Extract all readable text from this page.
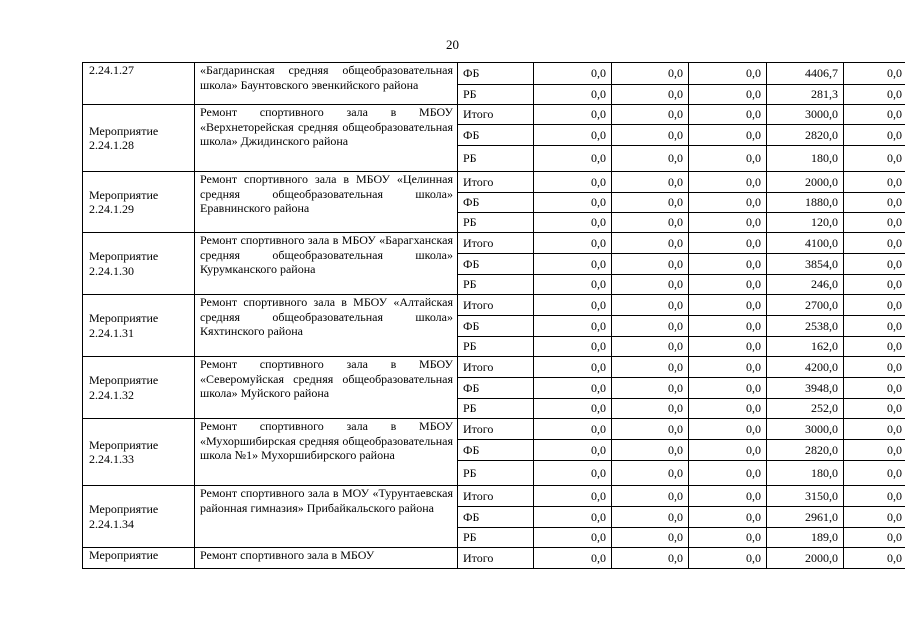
20
2.24.1.27	«Багдаринская средняя общеобразовательная школа» Баунтовского эвенкийского района	ФБ	0,0	0,0	0,0	4406,7	0,0
		РБ	0,0	0,0	0,0	281,3	0,0
Мероприятие 2.24.1.28	Ремонт спортивного зала в МБОУ «Верхнеторейская средняя общеобразовательная школа» Джидинского района	Итого	0,0	0,0	0,0	3000,0	0,0
		ФБ	0,0	0,0	0,0	2820,0	0,0
		РБ	0,0	0,0	0,0	180,0	0,0
Мероприятие 2.24.1.29	Ремонт спортивного зала в МБОУ «Целинная средняя общеобразовательная школа» Еравнинского района	Итого	0,0	0,0	0,0	2000,0	0,0
		ФБ	0,0	0,0	0,0	1880,0	0,0
		РБ	0,0	0,0	0,0	120,0	0,0
Мероприятие 2.24.1.30	Ремонт спортивного зала в МБОУ «Барагханская средняя общеобразовательная школа» Курумканского района	Итого	0,0	0,0	0,0	4100,0	0,0
		ФБ	0,0	0,0	0,0	3854,0	0,0
		РБ	0,0	0,0	0,0	246,0	0,0
Мероприятие 2.24.1.31	Ремонт спортивного зала в МБОУ «Алтайская средняя общеобразовательная школа» Кяхтинского района	Итого	0,0	0,0	0,0	2700,0	0,0
		ФБ	0,0	0,0	0,0	2538,0	0,0
		РБ	0,0	0,0	0,0	162,0	0,0
Мероприятие 2.24.1.32	Ремонт спортивного зала в МБОУ «Северомуйская средняя общеобразовательная школа» Муйского района	Итого	0,0	0,0	0,0	4200,0	0,0
		ФБ	0,0	0,0	0,0	3948,0	0,0
		РБ	0,0	0,0	0,0	252,0	0,0
Мероприятие 2.24.1.33	Ремонт спортивного зала в МБОУ «Мухоршибирская средняя общеобразовательная школа №1» Мухоршибирского района	Итого	0,0	0,0	0,0	3000,0	0,0
		ФБ	0,0	0,0	0,0	2820,0	0,0
		РБ	0,0	0,0	0,0	180,0	0,0
Мероприятие 2.24.1.34	Ремонт спортивного зала в МОУ «Турунтаевская районная гимназия» Прибайкальского района	Итого	0,0	0,0	0,0	3150,0	0,0
		ФБ	0,0	0,0	0,0	2961,0	0,0
		РБ	0,0	0,0	0,0	189,0	0,0
Мероприятие	Ремонт спортивного зала в МБОУ	Итого	0,0	0,0	0,0	2000,0	0,0
